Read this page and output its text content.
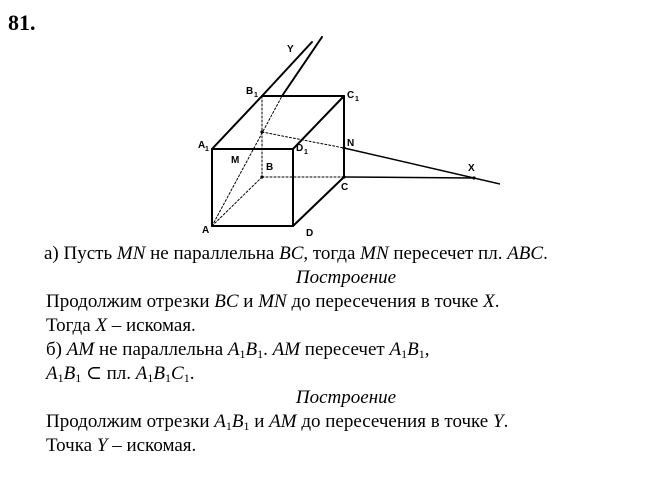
81.
Y
B 1	C 1
A 1	D 1
M
B
N
X
C
A	D
а) Пусть MN не параллельна BC, тогда MN пересечет пл. ABC.
Построение
Продолжим отрезки BC и MN до пересечения в точке X.
Тогда X – искомая.
б) AM не параллельна $A_1B_1$. AM пересечет $A_1B_1$,
$A_1B_1$ ⊂ пл. $A_1B_1C_1$.
Построение
Продолжим отрезки $A_1B_1$ и AM до пересечения в точке Y.
Точка Y – искомая.
